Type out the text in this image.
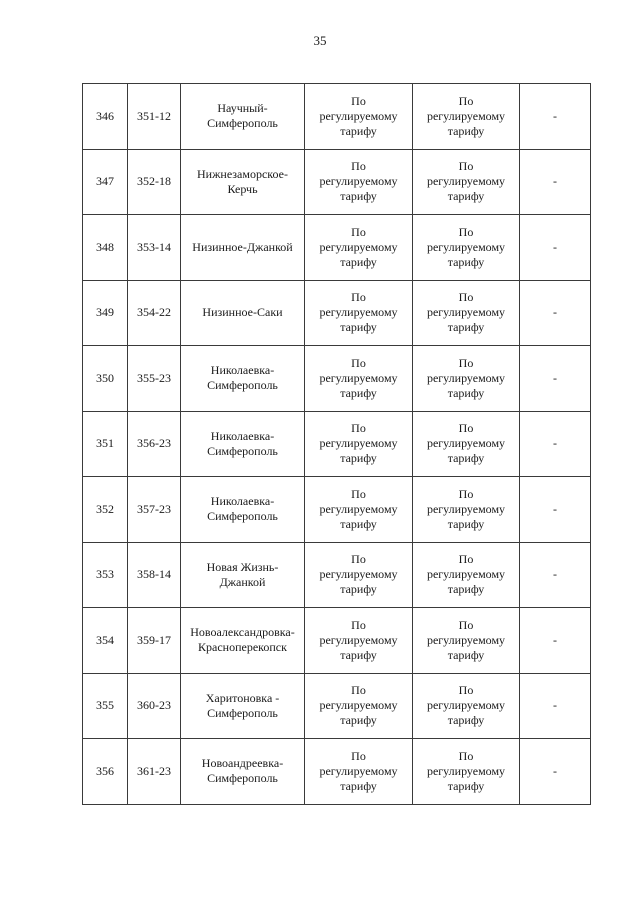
35
346	351-12	Научный-
Симферополь	По
регулируемому
тарифу	По
регулируемому
тарифу	-
347	352-18	Нижнезаморское-
Керчь	По
регулируемому
тарифу	По
регулируемому
тарифу	-
348	353-14	Низинное-Джанкой	По
регулируемому
тарифу	По
регулируемому
тарифу	-
349	354-22	Низинное-Саки	По
регулируемому
тарифу	По
регулируемому
тарифу	-
350	355-23	Николаевка-
Симферополь	По
регулируемому
тарифу	По
регулируемому
тарифу	-
351	356-23	Николаевка-
Симферополь	По
регулируемому
тарифу	По
регулируемому
тарифу	-
352	357-23	Николаевка-
Симферополь	По
регулируемому
тарифу	По
регулируемому
тарифу	-
353	358-14	Новая Жизнь-
Джанкой	По
регулируемому
тарифу	По
регулируемому
тарифу	-
354	359-17	Новоалександровка-
Красноперекопск	По
регулируемому
тарифу	По
регулируемому
тарифу	-
355	360-23	Харитоновка -
Симферополь	По
регулируемому
тарифу	По
регулируемому
тарифу	-
356	361-23	Новоандреевка-
Симферополь	По
регулируемому
тарифу	По
регулируемому
тарифу	-
